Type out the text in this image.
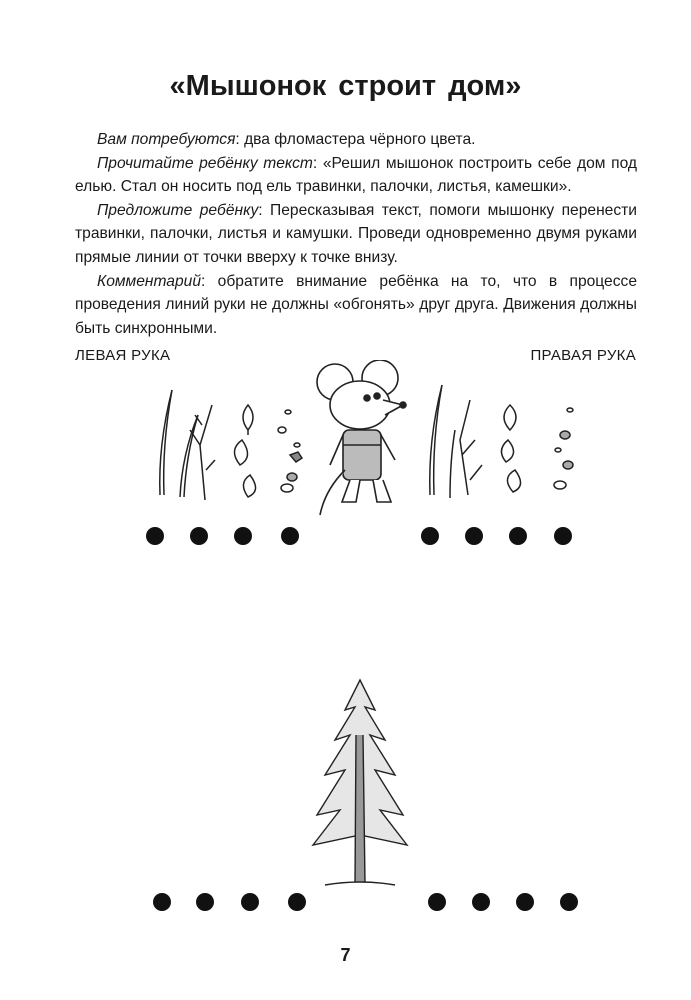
«Мышонок строит дом»

Вам потребуются: два фломастера чёрного цвета.

Прочитайте ребёнку текст: «Решил мышонок построить себе дом под елью. Стал он носить под ель травинки, палочки, листья, камешки».

Предложите ребёнку: Пересказывая текст, помоги мышонку перенести травинки, палочки, листья и камушки. Проведи одновременно двумя руками прямые линии от точки вверху к точке внизу.

Комментарий: обратите внимание ребёнка на то, что в процессе проведения линий руки не должны «обгонять» друг друга. Движения должны быть синхронными.

ЛЕВАЯ РУКА	ПРАВАЯ РУКА
7
